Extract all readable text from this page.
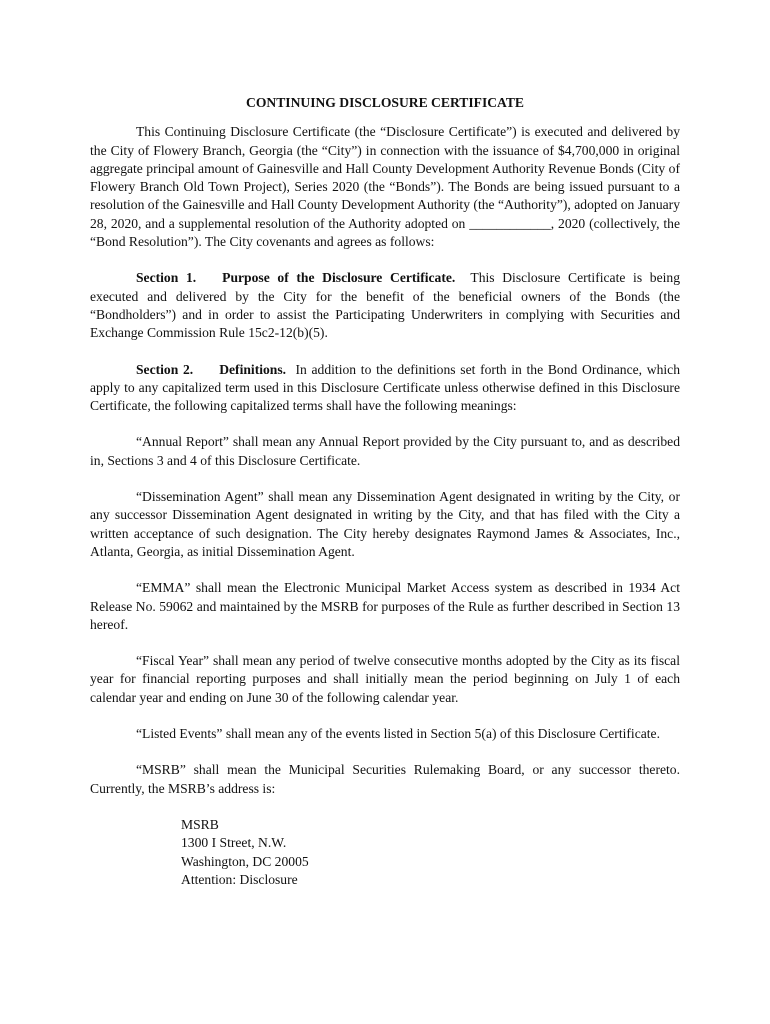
CONTINUING DISCLOSURE CERTIFICATE

This Continuing Disclosure Certificate (the “Disclosure Certificate”) is executed and delivered by the City of Flowery Branch, Georgia (the “City”) in connection with the issuance of $4,700,000 in original aggregate principal amount of Gainesville and Hall County Development Authority Revenue Bonds (City of Flowery Branch Old Town Project), Series 2020 (the “Bonds”). The Bonds are being issued pursuant to a resolution of the Gainesville and Hall County Development Authority (the “Authority”), adopted on January 28, 2020, and a supplemental resolution of the Authority adopted on ____________, 2020 (collectively, the “Bond Resolution”). The City covenants and agrees as follows:

Section 1. Purpose of the Disclosure Certificate. This Disclosure Certificate is being executed and delivered by the City for the benefit of the beneficial owners of the Bonds (the “Bondholders”) and in order to assist the Participating Underwriters in complying with Securities and Exchange Commission Rule 15c2-12(b)(5).

Section 2. Definitions. In addition to the definitions set forth in the Bond Ordinance, which apply to any capitalized term used in this Disclosure Certificate unless otherwise defined in this Disclosure Certificate, the following capitalized terms shall have the following meanings:

“Annual Report” shall mean any Annual Report provided by the City pursuant to, and as described in, Sections 3 and 4 of this Disclosure Certificate.

“Dissemination Agent” shall mean any Dissemination Agent designated in writing by the City, or any successor Dissemination Agent designated in writing by the City, and that has filed with the City a written acceptance of such designation. The City hereby designates Raymond James & Associates, Inc., Atlanta, Georgia, as initial Dissemination Agent.

“EMMA” shall mean the Electronic Municipal Market Access system as described in 1934 Act Release No. 59062 and maintained by the MSRB for purposes of the Rule as further described in Section 13 hereof.

“Fiscal Year” shall mean any period of twelve consecutive months adopted by the City as its fiscal year for financial reporting purposes and shall initially mean the period beginning on July 1 of each calendar year and ending on June 30 of the following calendar year.

“Listed Events” shall mean any of the events listed in Section 5(a) of this Disclosure Certificate.

“MSRB” shall mean the Municipal Securities Rulemaking Board, or any successor thereto. Currently, the MSRB’s address is:

MSRB
1300 I Street, N.W.
Washington, DC 20005
Attention: Disclosure
